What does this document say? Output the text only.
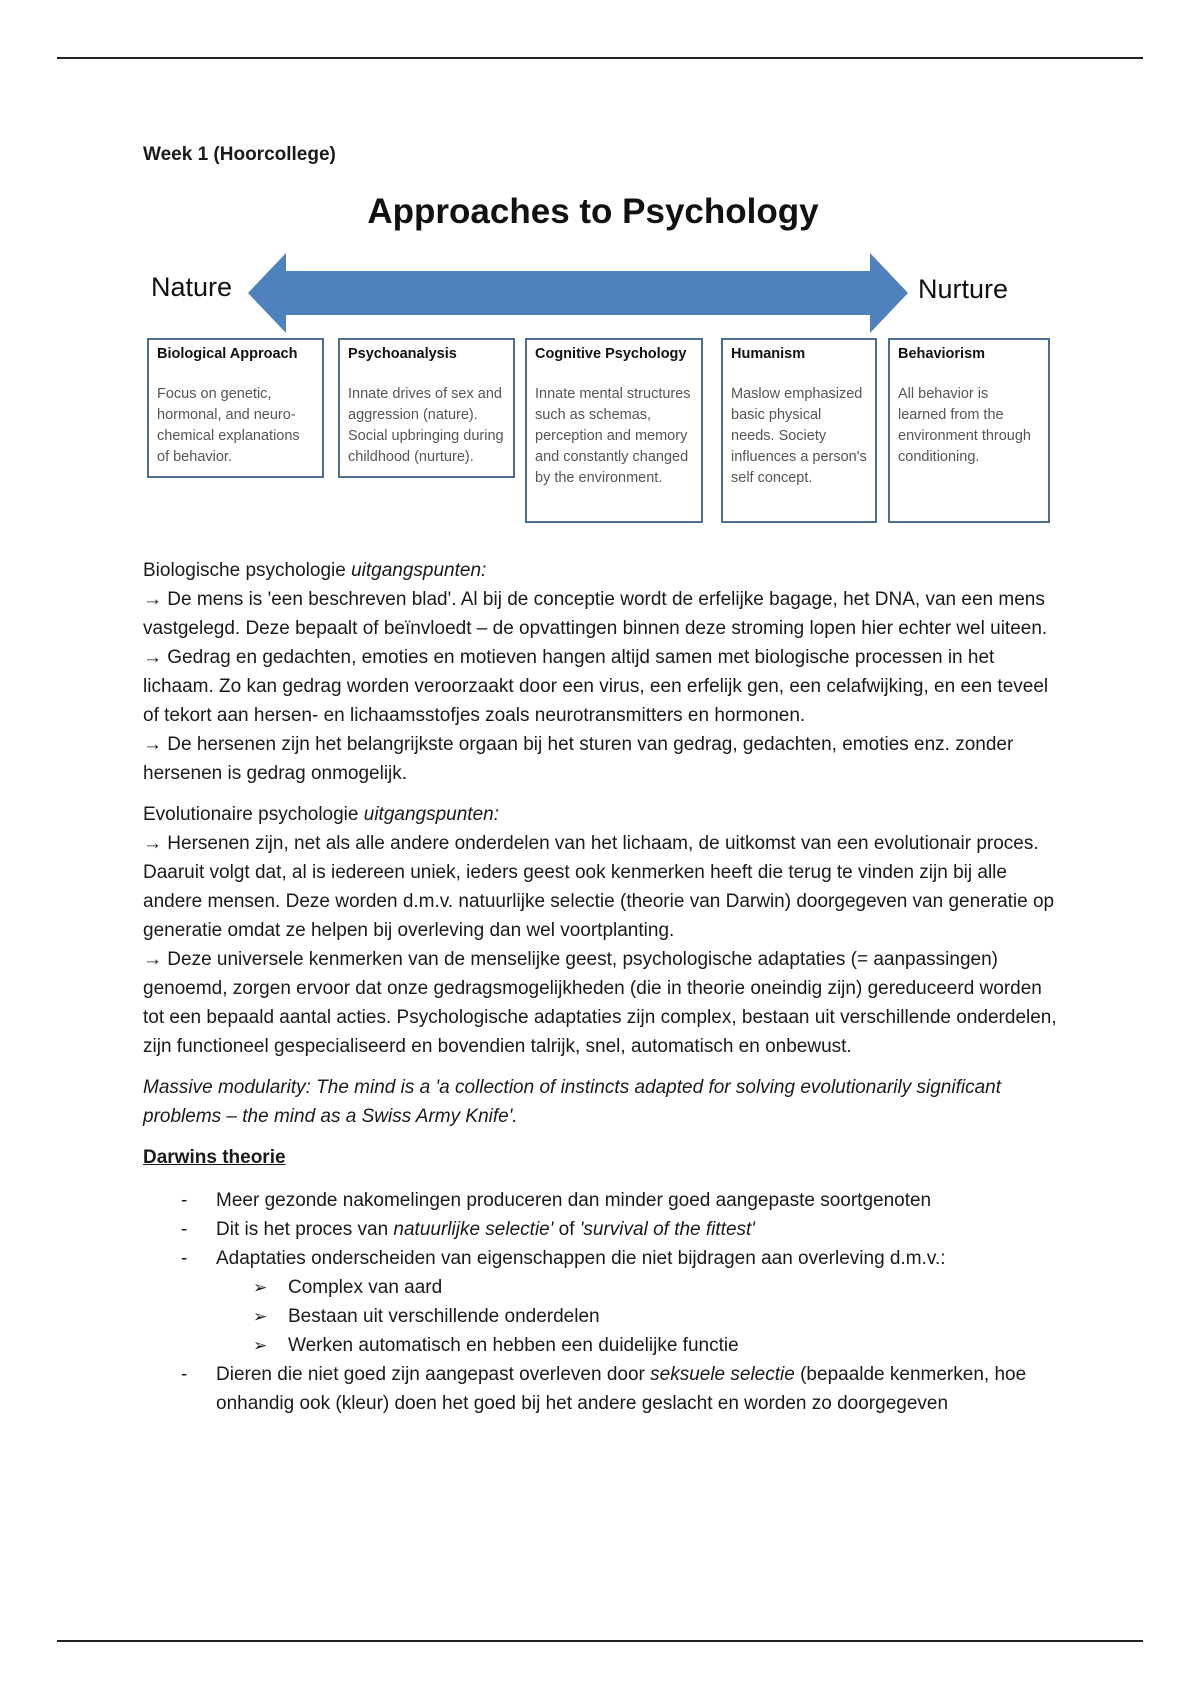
Week 1 (Hoorcollege)
Approaches to Psychology
Nature	Nurture
Biological Approach
Focus on genetic, hormonal, and neuro-chemical explanations of behavior.
Psychoanalysis
Innate drives of sex and aggression (nature). Social upbringing during childhood (nurture).
Cognitive Psychology
Innate mental structures such as schemas, perception and memory and constantly changed by the environment.
Humanism
Maslow emphasized basic physical needs. Society influences a person's self concept.
Behaviorism
All behavior is learned from the environment through conditioning.

Biologische psychologie uitgangspunten:
→ De mens is 'een beschreven blad'. Al bij de conceptie wordt de erfelijke bagage, het DNA, van een mens vastgelegd. Deze bepaalt of beïnvloedt – de opvattingen binnen deze stroming lopen hier echter wel uiteen.
→ Gedrag en gedachten, emoties en motieven hangen altijd samen met biologische processen in het lichaam. Zo kan gedrag worden veroorzaakt door een virus, een erfelijk gen, een celafwijking, en een teveel of tekort aan hersen- en lichaamsstofjes zoals neurotransmitters en hormonen.
→ De hersenen zijn het belangrijkste orgaan bij het sturen van gedrag, gedachten, emoties enz. zonder hersenen is gedrag onmogelijk.

Evolutionaire psychologie uitgangspunten:
→ Hersenen zijn, net als alle andere onderdelen van het lichaam, de uitkomst van een evolutionair proces. Daaruit volgt dat, al is iedereen uniek, ieders geest ook kenmerken heeft die terug te vinden zijn bij alle andere mensen. Deze worden d.m.v. natuurlijke selectie (theorie van Darwin) doorgegeven van generatie op generatie omdat ze helpen bij overleving dan wel voortplanting.
→ Deze universele kenmerken van de menselijke geest, psychologische adaptaties (= aanpassingen) genoemd, zorgen ervoor dat onze gedragsmogelijkheden (die in theorie oneindig zijn) gereduceerd worden tot een bepaald aantal acties. Psychologische adaptaties zijn complex, bestaan uit verschillende onderdelen, zijn functioneel gespecialiseerd en bovendien talrijk, snel, automatisch en onbewust.

Massive modularity: The mind is a 'a collection of instincts adapted for solving evolutionarily significant problems – the mind as a Swiss Army Knife'.

Darwins theorie
- Meer gezonde nakomelingen produceren dan minder goed aangepaste soortgenoten
- Dit is het proces van natuurlijke selectie' of 'survival of the fittest'
- Adaptaties onderscheiden van eigenschappen die niet bijdragen aan overleving d.m.v.:
➢ Complex van aard
➢ Bestaan uit verschillende onderdelen
➢ Werken automatisch en hebben een duidelijke functie
- Dieren die niet goed zijn aangepast overleven door seksuele selectie (bepaalde kenmerken, hoe onhandig ook (kleur) doen het goed bij het andere geslacht en worden zo doorgegeven
